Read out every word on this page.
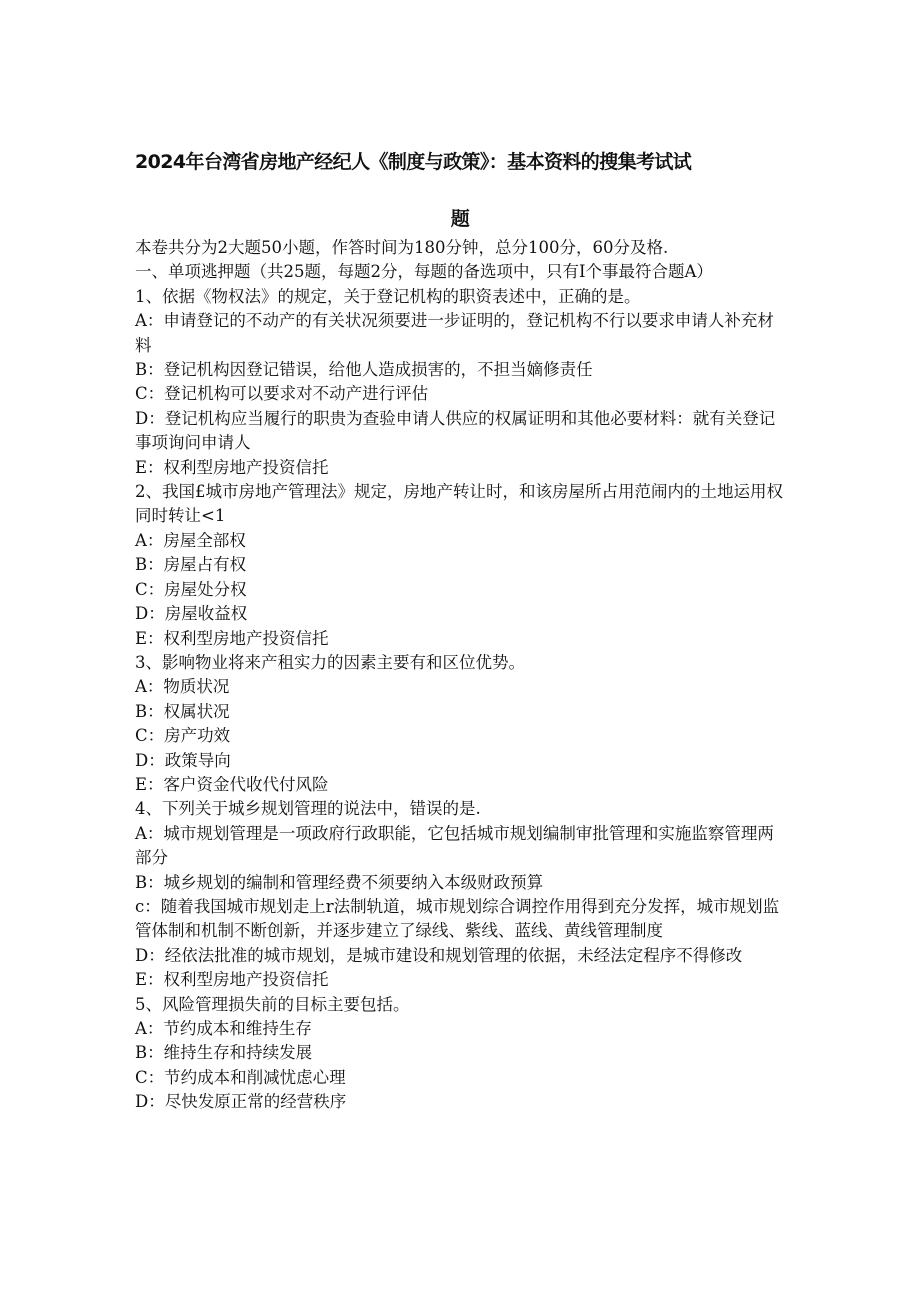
2024年台湾省房地产经纪人《制度与政策》：基本资料的搜集考试试
题

本卷共分为2大题50小题，作答时间为180分钟，总分100分，60分及格.

一、单项逃押题（共25题，每题2分，每题的备选项中，只有I个事最符合题A）

1、依据《物权法》的规定，关于登记机构的职资表述中，正确的是。

A：申请登记的不动产的有关状况须要进一步证明的，登记机构不行以要求申请人补充材料

B：登记机构因登记错误，给他人造成损害的，不担当嫡修责任

C：登记机构可以要求对不动产进行评估

D：登记机构应当履行的职贵为查验申请人供应的权属证明和其他必要材料：就有关登记事项询问申请人

E：权利型房地产投资信托

2、我国£城市房地产管理法》规定，房地产转让时，和该房屋所占用范闹内的土地运用权同时转让<1

A：房屋全部权

B：房屋占有权

C：房屋处分权

D：房屋收益权

E：权利型房地产投资信托

3、影响物业将来产租实力的因素主要有和区位优势。

A：物质状况

B：权属状况

C：房产功效

D：政策导向

E：客户资金代收代付风险

4、下列关于城乡规划管理的说法中，错误的是.

A：城市规划管理是一项政府行政职能，它包括城市规划编制审批管理和实施监察管理两部分

B：城乡规划的编制和管理经费不须要纳入本级财政预算

c：随着我国城市规划走上r法制轨道，城市规划综合调控作用得到充分发挥，城市规划监管体制和机制不断创新，并逐步建立了绿线、紫线、蓝线、黄线管理制度

D：经依法批准的城市规划，是城市建设和规划管理的依据，未经法定程序不得修改

E：权利型房地产投资信托

5、风险管理损失前的目标主要包括。

A：节约成本和维持生存

B：维持生存和持续发展

C：节约成本和削减忧虑心理

D：尽快发原正常的经营秩序
